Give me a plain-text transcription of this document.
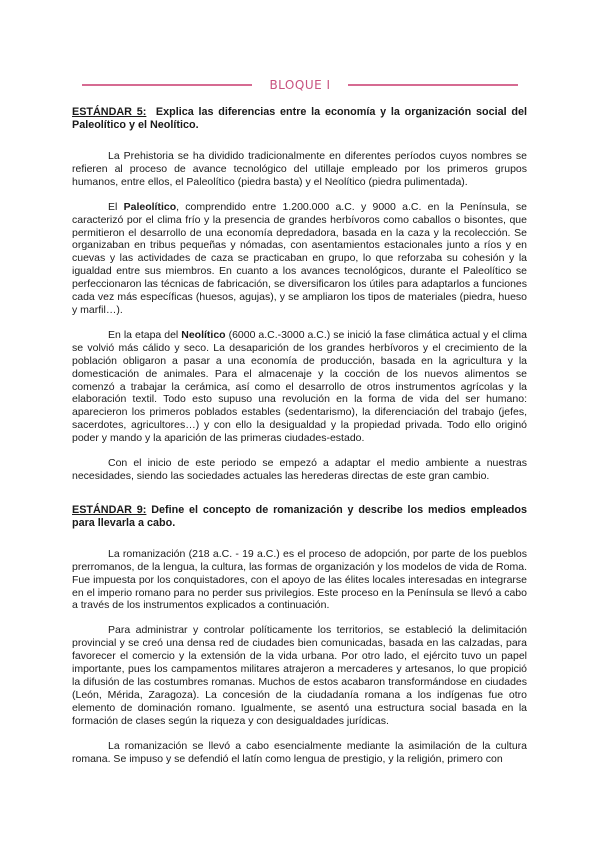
BLOQUE I
ESTÁNDAR 5: Explica las diferencias entre la economía y la organización social del Paleolítico y el Neolítico.

La Prehistoria se ha dividido tradicionalmente en diferentes períodos cuyos nombres se refieren al proceso de avance tecnológico del utillaje empleado por los primeros grupos humanos, entre ellos, el Paleolítico (piedra basta) y el Neolítico (piedra pulimentada).

El Paleolítico, comprendido entre 1.200.000 a.C. y 9000 a.C. en la Península, se caracterizó por el clima frío y la presencia de grandes herbívoros como caballos o bisontes, que permitieron el desarrollo de una economía depredadora, basada en la caza y la recolección. Se organizaban en tribus pequeñas y nómadas, con asentamientos estacionales junto a ríos y en cuevas y las actividades de caza se practicaban en grupo, lo que reforzaba su cohesión y la igualdad entre sus miembros. En cuanto a los avances tecnológicos, durante el Paleolítico se perfeccionaron las técnicas de fabricación, se diversificaron los útiles para adaptarlos a funciones cada vez más específicas (huesos, agujas), y se ampliaron los tipos de materiales (piedra, hueso y marfil…).

En la etapa del Neolítico (6000 a.C.-3000 a.C.) se inició la fase climática actual y el clima se volvió más cálido y seco. La desaparición de los grandes herbívoros y el crecimiento de la población obligaron a pasar a una economía de producción, basada en la agricultura y la domesticación de animales. Para el almacenaje y la cocción de los nuevos alimentos se comenzó a trabajar la cerámica, así como el desarrollo de otros instrumentos agrícolas y la elaboración textil. Todo esto supuso una revolución en la forma de vida del ser humano: aparecieron los primeros poblados estables (sedentarismo), la diferenciación del trabajo (jefes, sacerdotes, agricultores…) y con ello la desigualdad y la propiedad privada. Todo ello originó poder y mando y la aparición de las primeras ciudades-estado.

Con el inicio de este periodo se empezó a adaptar el medio ambiente a nuestras necesidades, siendo las sociedades actuales las herederas directas de este gran cambio.

ESTÁNDAR 9: Define el concepto de romanización y describe los medios empleados para llevarla a cabo.

La romanización (218 a.C. - 19 a.C.) es el proceso de adopción, por parte de los pueblos prerromanos, de la lengua, la cultura, las formas de organización y los modelos de vida de Roma. Fue impuesta por los conquistadores, con el apoyo de las élites locales interesadas en integrarse en el imperio romano para no perder sus privilegios. Este proceso en la Península se llevó a cabo a través de los instrumentos explicados a continuación.

Para administrar y controlar políticamente los territorios, se estableció la delimitación provincial y se creó una densa red de ciudades bien comunicadas, basada en las calzadas, para favorecer el comercio y la extensión de la vida urbana. Por otro lado, el ejército tuvo un papel importante, pues los campamentos militares atrajeron a mercaderes y artesanos, lo que propició la difusión de las costumbres romanas. Muchos de estos acabaron transformándose en ciudades (León, Mérida, Zaragoza). La concesión de la ciudadanía romana a los indígenas fue otro elemento de dominación romano. Igualmente, se asentó una estructura social basada en la formación de clases según la riqueza y con desigualdades jurídicas.

La romanización se llevó a cabo esencialmente mediante la asimilación de la cultura romana. Se impuso y se defendió el latín como lengua de prestigio, y la religión, primero con
